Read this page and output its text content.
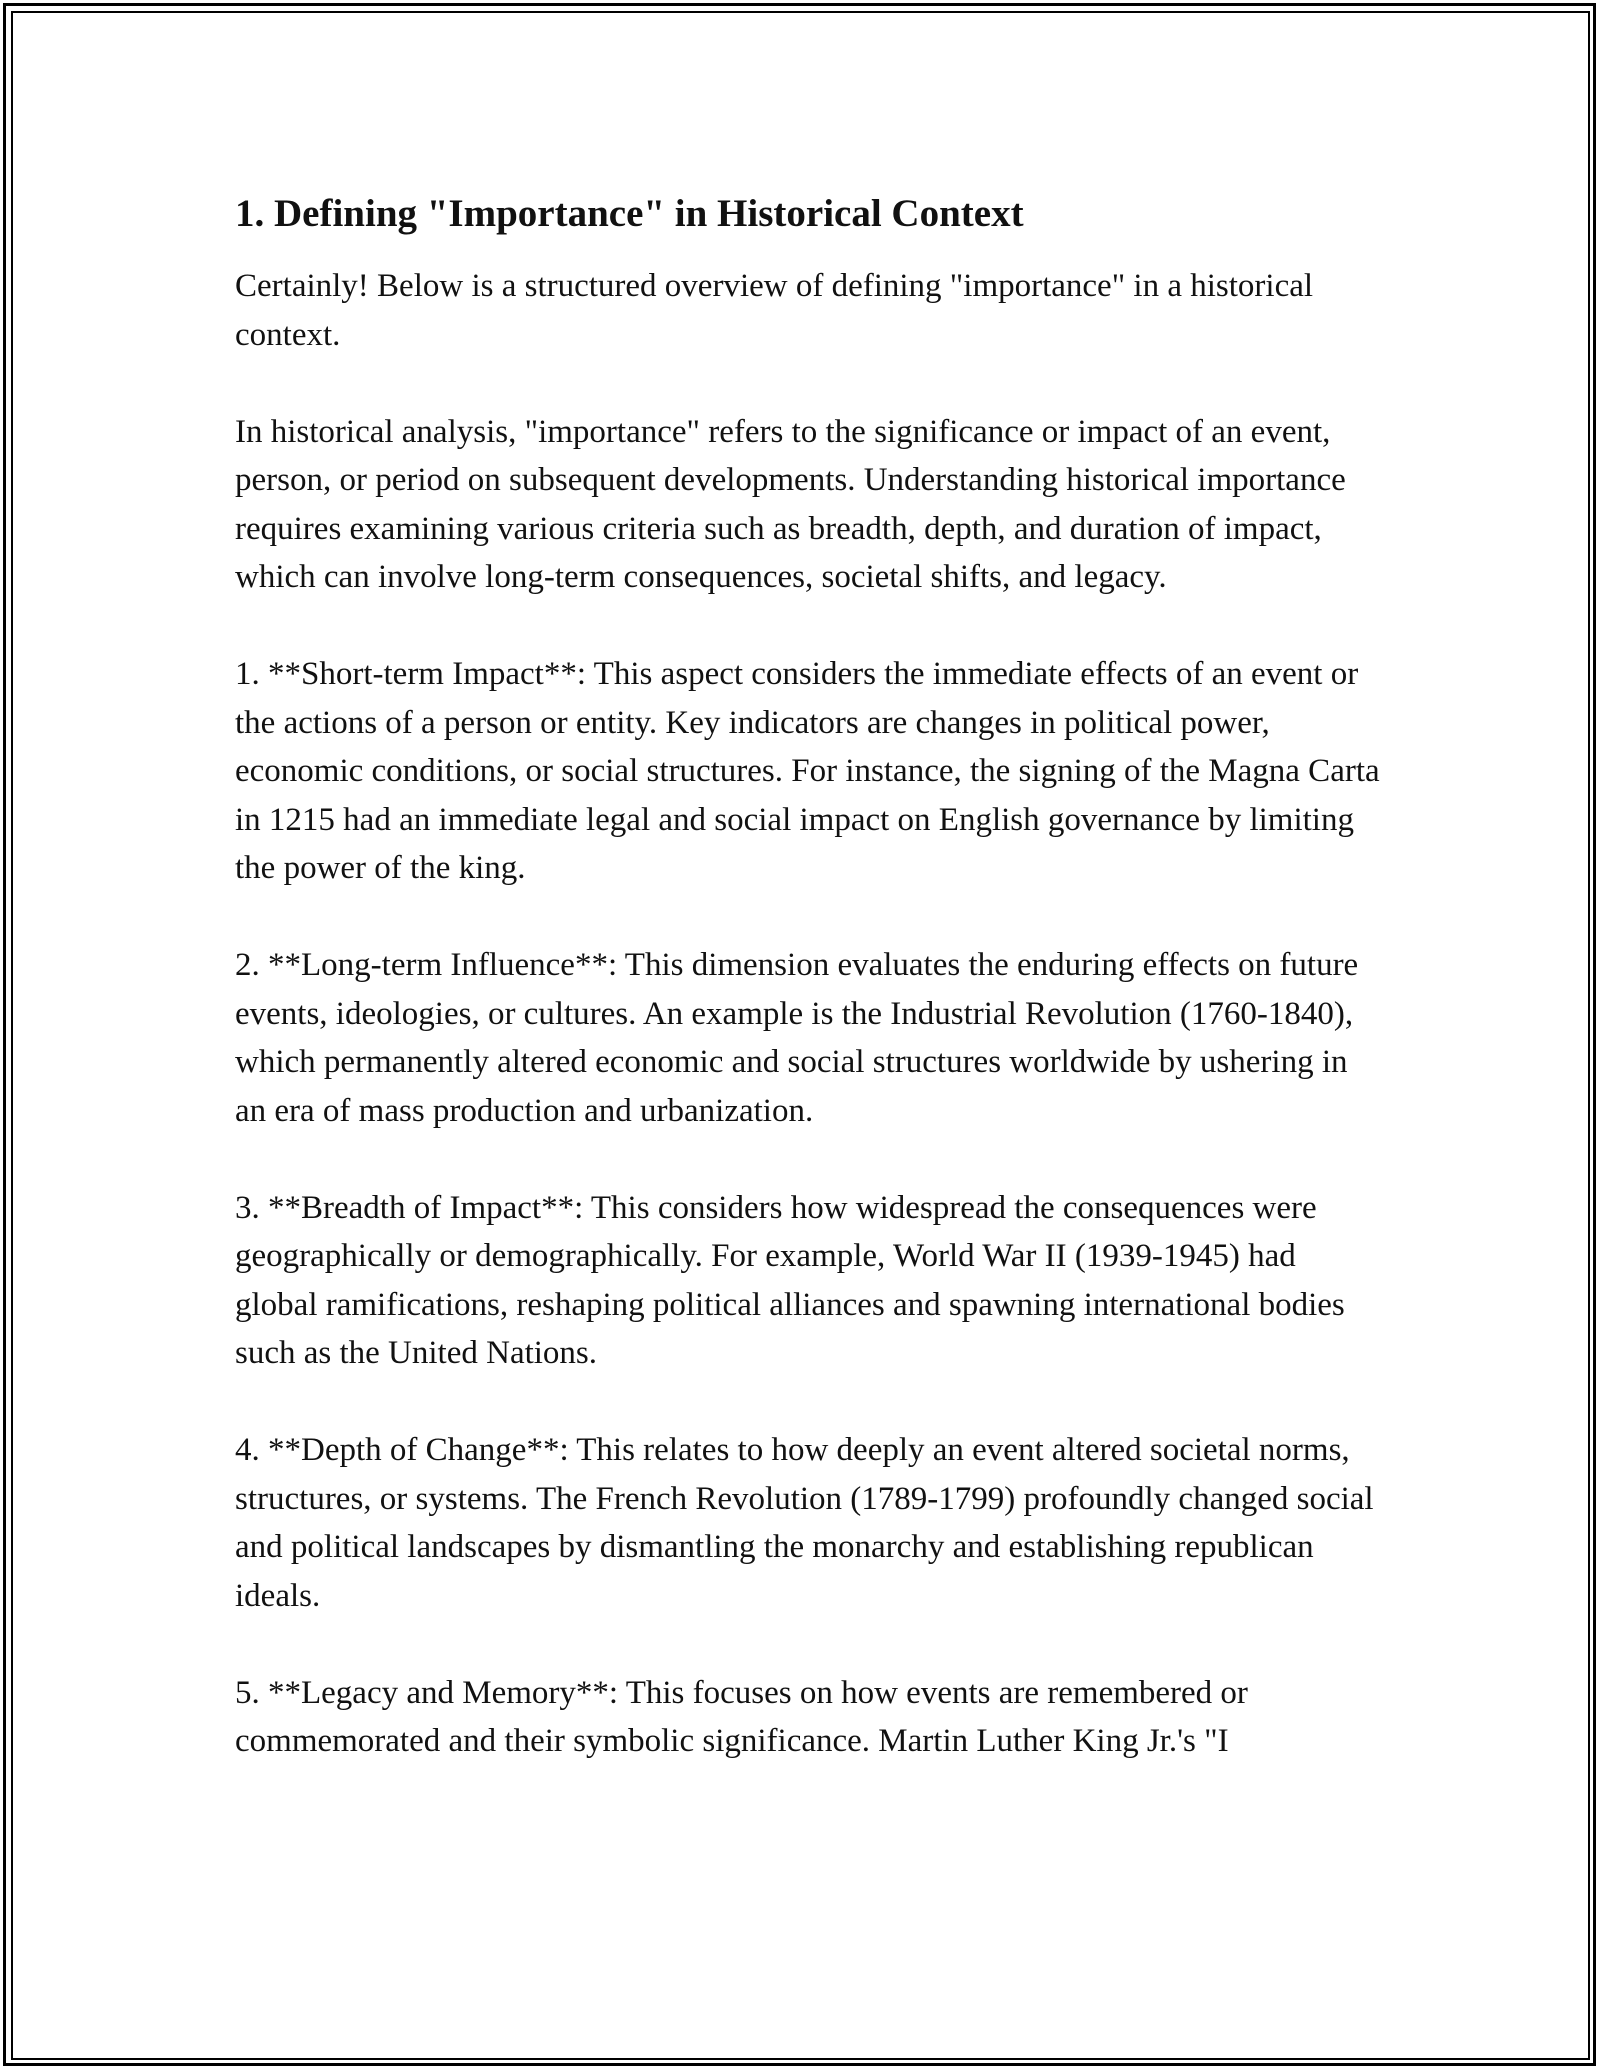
1. Defining "Importance" in Historical Context

Certainly! Below is a structured overview of defining "importance" in a historical context.

In historical analysis, "importance" refers to the significance or impact of an event, person, or period on subsequent developments. Understanding historical importance requires examining various criteria such as breadth, depth, and duration of impact, which can involve long-term consequences, societal shifts, and legacy.

1. **Short-term Impact**: This aspect considers the immediate effects of an event or the actions of a person or entity. Key indicators are changes in political power, economic conditions, or social structures. For instance, the signing of the Magna Carta in 1215 had an immediate legal and social impact on English governance by limiting the power of the king.

2. **Long-term Influence**: This dimension evaluates the enduring effects on future events, ideologies, or cultures. An example is the Industrial Revolution (1760-1840), which permanently altered economic and social structures worldwide by ushering in an era of mass production and urbanization.

3. **Breadth of Impact**: This considers how widespread the consequences were geographically or demographically. For example, World War II (1939-1945) had global ramifications, reshaping political alliances and spawning international bodies such as the United Nations.

4. **Depth of Change**: This relates to how deeply an event altered societal norms, structures, or systems. The French Revolution (1789-1799) profoundly changed social and political landscapes by dismantling the monarchy and establishing republican ideals.

5. **Legacy and Memory**: This focuses on how events are remembered or commemorated and their symbolic significance. Martin Luther King Jr.'s "I
